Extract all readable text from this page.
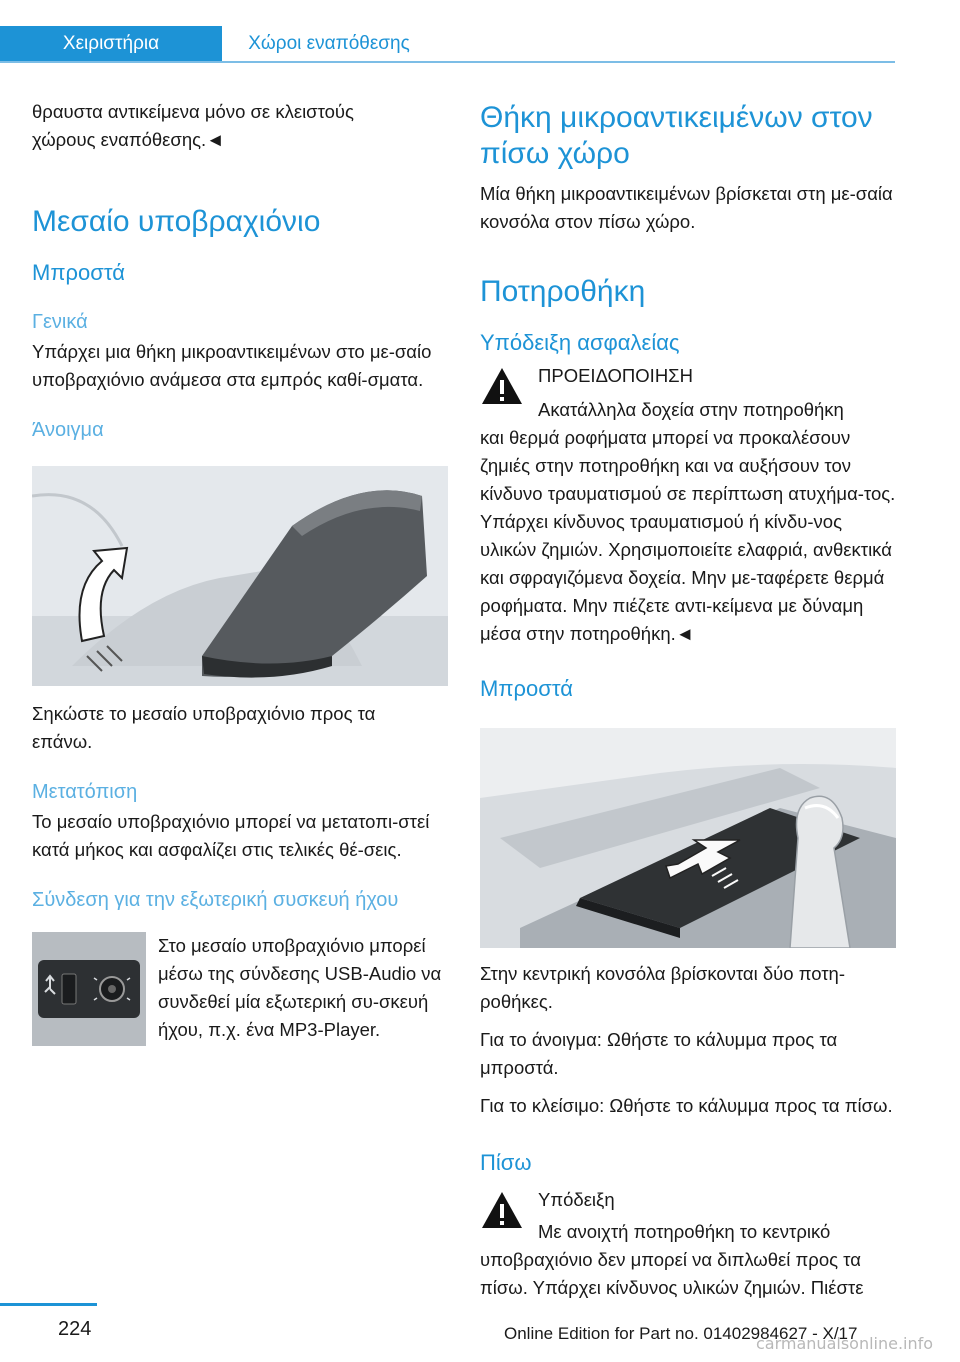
Χειριστήρια	Χώροι εναπόθεσης

θραυστα αντικείμενα μόνο σε κλειστούς χώρους εναπόθεσης.◄

Μεσαίο υποβραχιόνιο
Μπροστά
Γενικά

Υπάρχει μια θήκη μικροαντικειμένων στο με-σαίο υποβραχιόνιο ανάμεσα στα εμπρός καθί-σματα.

Άνοιγμα

Σηκώστε το μεσαίο υποβραχιόνιο προς τα επάνω.

Μετατόπιση

Το μεσαίο υποβραχιόνιο μπορεί να μετατοπι-στεί κατά μήκος και ασφαλίζει στις τελικές θέ-σεις.

Σύνδεση για την εξωτερική συσκευή ήχου

Στο μεσαίο υποβραχιόνιο μπορεί μέσω της σύνδεσης USB-Audio να συνδεθεί μία εξωτερική συ-σκευή ήχου, π.χ. ένα MP3-Player.

Θήκη μικροαντικειμένων στον πίσω χώρο

Μία θήκη μικροαντικειμένων βρίσκεται στη με-σαία κονσόλα στον πίσω χώρο.

Ποτηροθήκη
Υπόδειξη ασφαλείας

ΠΡΟΕΙΔΟΠΟΙΗΣΗ

Ακατάλληλα δοχεία στην ποτηροθήκη

και θερμά ροφήματα μπορεί να προκαλέσουν ζημιές στην ποτηροθήκη και να αυξήσουν τον κίνδυνο τραυματισμού σε περίπτωση ατυχήμα-τος. Υπάρχει κίνδυνος τραυματισμού ή κίνδυ-νος υλικών ζημιών. Χρησιμοποιείτε ελαφριά, ανθεκτικά και σφραγιζόμενα δοχεία. Μην με-ταφέρετε θερμά ροφήματα. Μην πιέζετε αντι-κείμενα με δύναμη μέσα στην ποτηροθήκη.◄

Μπροστά

Στην κεντρική κονσόλα βρίσκονται δύο ποτη-ροθήκες.

Για το άνοιγμα: Ωθήστε το κάλυμμα προς τα μπροστά.

Για το κλείσιμο: Ωθήστε το κάλυμμα προς τα πίσω.

Πίσω

Υπόδειξη

Με ανοιχτή ποτηροθήκη το κεντρικό

υποβραχιόνιο δεν μπορεί να διπλωθεί προς τα πίσω. Υπάρχει κίνδυνος υλικών ζημιών. Πιέστε

224	Online Edition for Part no. 01402984627 - X/17
carmanualsonline.info
